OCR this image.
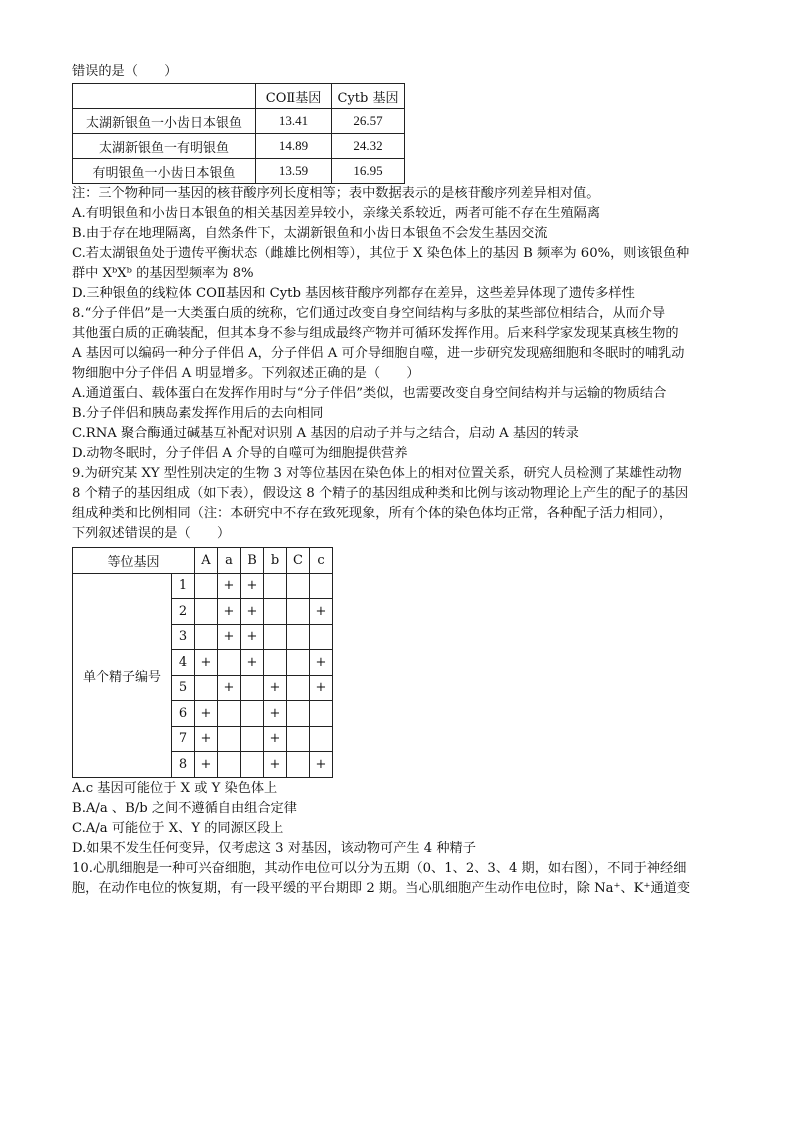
错误的是（　　）
	COⅡ基因	Cytb 基因
太湖新银鱼一小齿日本银鱼	13.41	26.57
太湖新银鱼一有明银鱼	14.89	24.32
有明银鱼一小齿日本银鱼	13.59	16.95
注：三个物种同一基因的核苷酸序列长度相等；表中数据表示的是核苷酸序列差异相对值。
A.有明银鱼和小齿日本银鱼的相关基因差异较小，亲缘关系较近，两者可能不存在生殖隔离
B.由于存在地理隔离，自然条件下，太湖新银鱼和小齿日本银鱼不会发生基因交流
C.若太湖银鱼处于遗传平衡状态（雌雄比例相等），其位于 X 染色体上的基因 B 频率为 60%，则该银鱼种
群中 XᵇXᵇ 的基因型频率为 8%
D.三种银鱼的线粒体 COⅡ基因和 Cytb 基因核苷酸序列都存在差异，这些差异体现了遗传多样性
8.“分子伴侣”是一大类蛋白质的统称，它们通过改变自身空间结构与多肽的某些部位相结合，从而介导
其他蛋白质的正确装配，但其本身不参与组成最终产物并可循环发挥作用。后来科学家发现某真核生物的
A 基因可以编码一种分子伴侣 A，分子伴侣 A 可介导细胞自噬，进一步研究发现癌细胞和冬眠时的哺乳动
物细胞中分子伴侣 A 明显增多。下列叙述正确的是（　　）
A.通道蛋白、载体蛋白在发挥作用时与“分子伴侣”类似，也需要改变自身空间结构并与运输的物质结合
B.分子伴侣和胰岛素发挥作用后的去向相同
C.RNA 聚合酶通过碱基互补配对识别 A 基因的启动子并与之结合，启动 A 基因的转录
D.动物冬眠时，分子伴侣 A 介导的自噬可为细胞提供营养
9.为研究某 XY 型性别决定的生物 3 对等位基因在染色体上的相对位置关系，研究人员检测了某雄性动物
8 个精子的基因组成（如下表），假设这 8 个精子的基因组成种类和比例与该动物理论上产生的配子的基因
组成种类和比例相同（注：本研究中不存在致死现象，所有个体的染色体均正常，各种配子活力相同），
下列叙述错误的是（　　）
等位基因		A	a	B	b	C	c
单个精子编号	1		+	+			
	2		+	+			+
	3		+	+			
	4	+		+			+
	5		+		+		+
	6	+			+		
	7	+			+		
	8	+			+		+
A.c 基因可能位于 X 或 Y 染色体上
B.A/a 、B/b 之间不遵循自由组合定律
C.A/a 可能位于 X、Y 的同源区段上
D.如果不发生任何变异，仅考虑这 3 对基因，该动物可产生 4 种精子
10.心肌细胞是一种可兴奋细胞，其动作电位可以分为五期（0、1、2、3、4 期，如右图），不同于神经细
胞，在动作电位的恢复期，有一段平缓的平台期即 2 期。当心肌细胞产生动作电位时，除 Na⁺、K⁺通道变
